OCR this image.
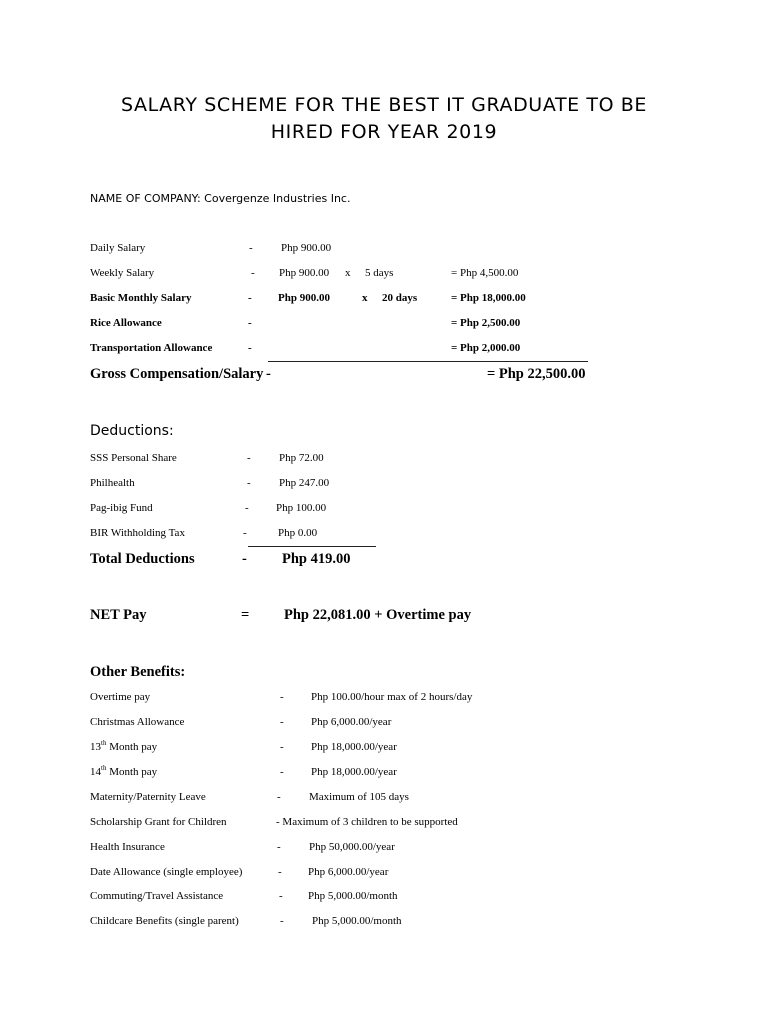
SALARY SCHEME FOR THE BEST IT GRADUATE TO BE
HIRED FOR YEAR 2019
NAME OF COMPANY: Covergenze Industries Inc.
Daily Salary	-	Php 900.00
Weekly Salary	- Php 900.00 x 5 days	= Php 4,500.00
Basic Monthly Salary	- Php 900.00	x 20 days	= Php 18,000.00
Rice Allowance	-	= Php 2,500.00
Transportation Allowance	-	= Php 2,000.00
Gross Compensation/Salary -	= Php 22,500.00
Deductions:
SSS Personal Share	-	Php 72.00
Philhealth	-	Php 247.00
Pag-ibig Fund	- Php 100.00
BIR Withholding Tax	-	Php 0.00
Total Deductions	- Php 419.00
NET Pay	= Php 22,081.00 + Overtime pay
Other Benefits:
Overtime pay	- Php 100.00/hour max of 2 hours/day
Christmas Allowance	- Php 6,000.00/year
13th Month pay	- Php 18,000.00/year
14th Month pay	- Php 18,000.00/year
Maternity/Paternity Leave	-	Maximum of 105 days
Scholarship Grant for Children	- Maximum of 3 children to be supported
Health Insurance	-	Php 50,000.00/year
Date Allowance (single employee)	- Php 6,000.00/year
Commuting/Travel Assistance	- Php 5,000.00/month
Childcare Benefits (single parent)	-	Php 5,000.00/month
